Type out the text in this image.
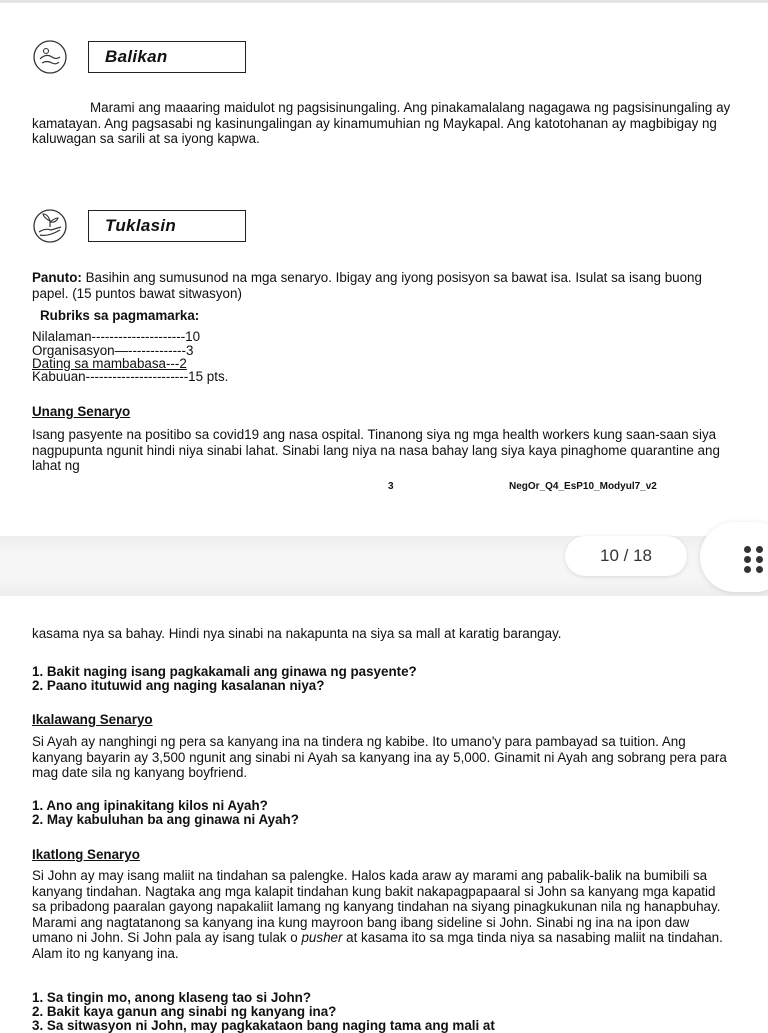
Balikan
Marami ang maaaring maidulot ng pagsisinungaling. Ang pinakamalalang nagagawa ng pagsisinungaling ay kamatayan. Ang pagsasabi ng kasinungalingan ay kinamumuhian ng Maykapal. Ang katotohanan ay magbibigay ng kaluwagan sa sarili at sa iyong kapwa.
Tuklasin
Panuto: Basihin ang sumusunod na mga senaryo. Ibigay ang iyong posisyon sa bawat isa. Isulat sa isang buong papel. (15 puntos bawat sitwasyon)
Rubriks sa pagmamarka:
Nilalaman---------------------10
Organisasyon—-------------3
Dating sa mambabasa---2
Kabuuan-----------------------15 pts.
Unang Senaryo
Isang pasyente na positibo sa covid19 ang nasa ospital. Tinanong siya ng mga health workers kung saan-saan siya nagpupunta ngunit hindi niya sinabi lahat. Sinabi lang niya na nasa bahay lang siya kaya pinaghome quarantine ang lahat ng
3	NegOr_Q4_EsP10_Modyul7_v2
10 / 18
kasama nya sa bahay. Hindi nya sinabi na nakapunta na siya sa mall at karatig barangay.
1. Bakit naging isang pagkakamali ang ginawa ng pasyente?
2. Paano itutuwid ang naging kasalanan niya?
Ikalawang Senaryo
Si Ayah ay nanghingi ng pera sa kanyang ina na tindera ng kabibe. Ito umano'y para pambayad sa tuition. Ang kanyang bayarin ay 3,500 ngunit ang sinabi ni Ayah sa kanyang ina ay 5,000. Ginamit ni Ayah ang sobrang pera para mag date sila ng kanyang boyfriend.
1. Ano ang ipinakitang kilos ni Ayah?
2. May kabuluhan ba ang ginawa ni Ayah?
Ikatlong Senaryo
Si John ay may isang maliit na tindahan sa palengke. Halos kada araw ay marami ang pabalik-balik na bumibili sa kanyang tindahan. Nagtaka ang mga kalapit tindahan kung bakit nakapagpapaaral si John sa kanyang mga kapatid sa pribadong paaralan gayong napakaliit lamang ng kanyang tindahan na siyang pinagkukunan nila ng hanapbuhay. Marami ang nagtatanong sa kanyang ina kung mayroon bang ibang sideline si John. Sinabi ng ina na ipon daw umano ni John. Si John pala ay isang tulak o pusher at kasama ito sa mga tinda niya sa nasabing maliit na tindahan. Alam ito ng kanyang ina.
1. Sa tingin mo, anong klaseng tao si John?
2. Bakit kaya ganun ang sinabi ng kanyang ina?
3. Sa sitwasyon ni John, may pagkakataon bang naging tama ang mali at
